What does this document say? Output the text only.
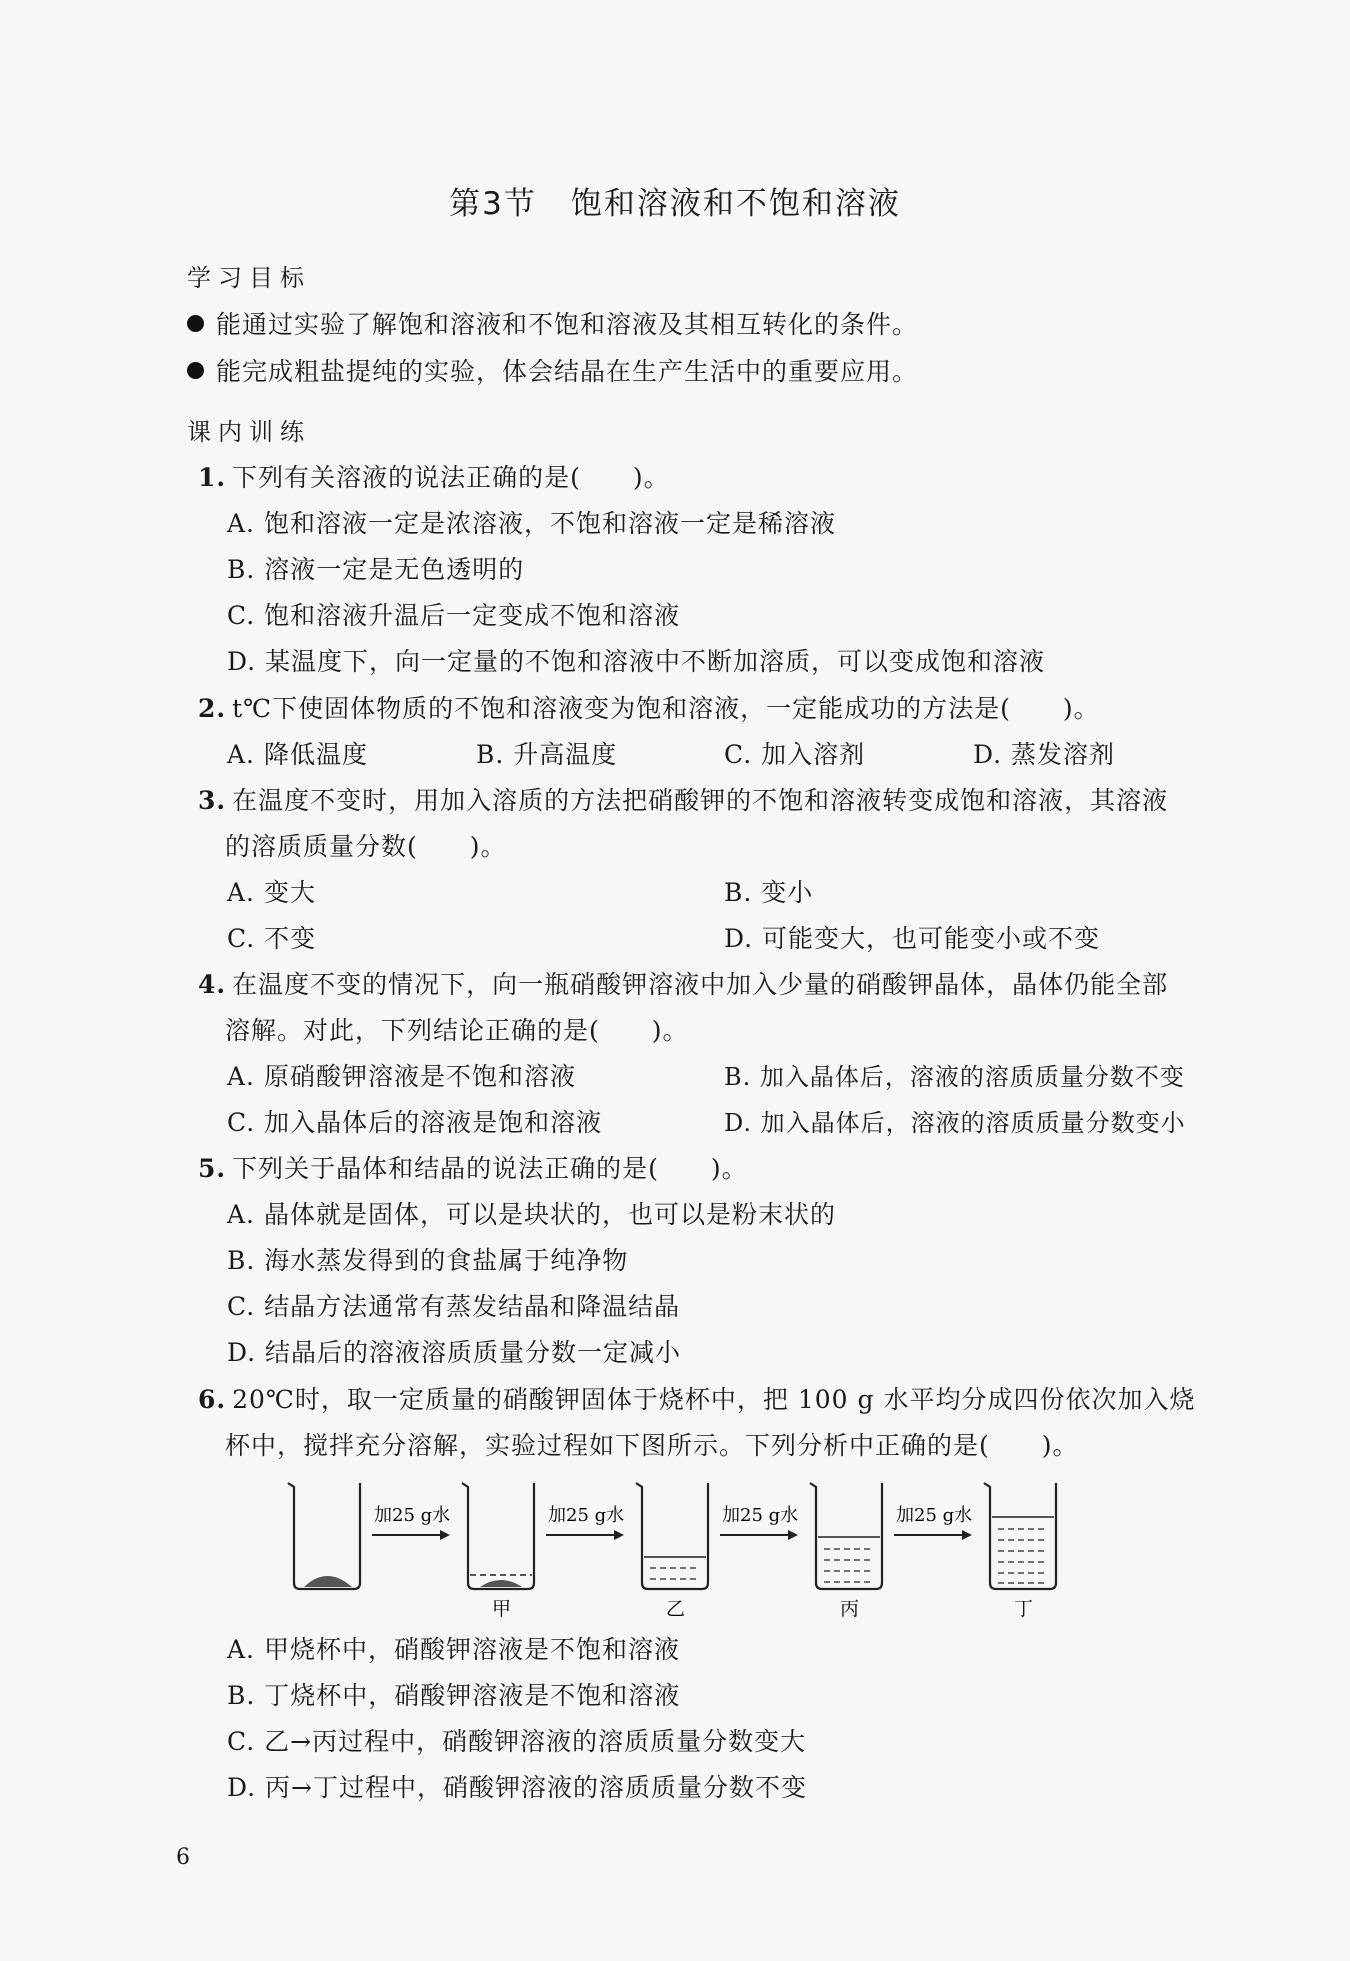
第3节 饱和溶液和不饱和溶液
学习目标
能通过实验了解饱和溶液和不饱和溶液及其相互转化的条件。
能完成粗盐提纯的实验，体会结晶在生产生活中的重要应用。
课内训练
1. 下列有关溶液的说法正确的是(　　)。
A. 饱和溶液一定是浓溶液，不饱和溶液一定是稀溶液
B. 溶液一定是无色透明的
C. 饱和溶液升温后一定变成不饱和溶液
D. 某温度下，向一定量的不饱和溶液中不断加溶质，可以变成饱和溶液
2. t℃下使固体物质的不饱和溶液变为饱和溶液，一定能成功的方法是(　　)。
A. 降低温度	B. 升高温度	C. 加入溶剂	D. 蒸发溶剂
3. 在温度不变时，用加入溶质的方法把硝酸钾的不饱和溶液转变成饱和溶液，其溶液
的溶质质量分数(　　)。
A. 变大	B. 变小
C. 不变	D. 可能变大，也可能变小或不变
4. 在温度不变的情况下，向一瓶硝酸钾溶液中加入少量的硝酸钾晶体，晶体仍能全部
溶解。对此，下列结论正确的是(　　)。
A. 原硝酸钾溶液是不饱和溶液	B. 加入晶体后，溶液的溶质质量分数不变
C. 加入晶体后的溶液是饱和溶液	D. 加入晶体后，溶液的溶质质量分数变小
5. 下列关于晶体和结晶的说法正确的是(　　)。
A. 晶体就是固体，可以是块状的，也可以是粉末状的
B. 海水蒸发得到的食盐属于纯净物
C. 结晶方法通常有蒸发结晶和降温结晶
D. 结晶后的溶液溶质质量分数一定减小
6. 20℃时，取一定质量的硝酸钾固体于烧杯中，把 100 g 水平均分成四份依次加入烧
杯中，搅拌充分溶解，实验过程如下图所示。下列分析中正确的是(　　)。
加25 g水
甲
加25 g水
乙
加25 g水
丙
加25 g水
丁
A. 甲烧杯中，硝酸钾溶液是不饱和溶液
B. 丁烧杯中，硝酸钾溶液是不饱和溶液
C. 乙→丙过程中，硝酸钾溶液的溶质质量分数变大
D. 丙→丁过程中，硝酸钾溶液的溶质质量分数不变
6
